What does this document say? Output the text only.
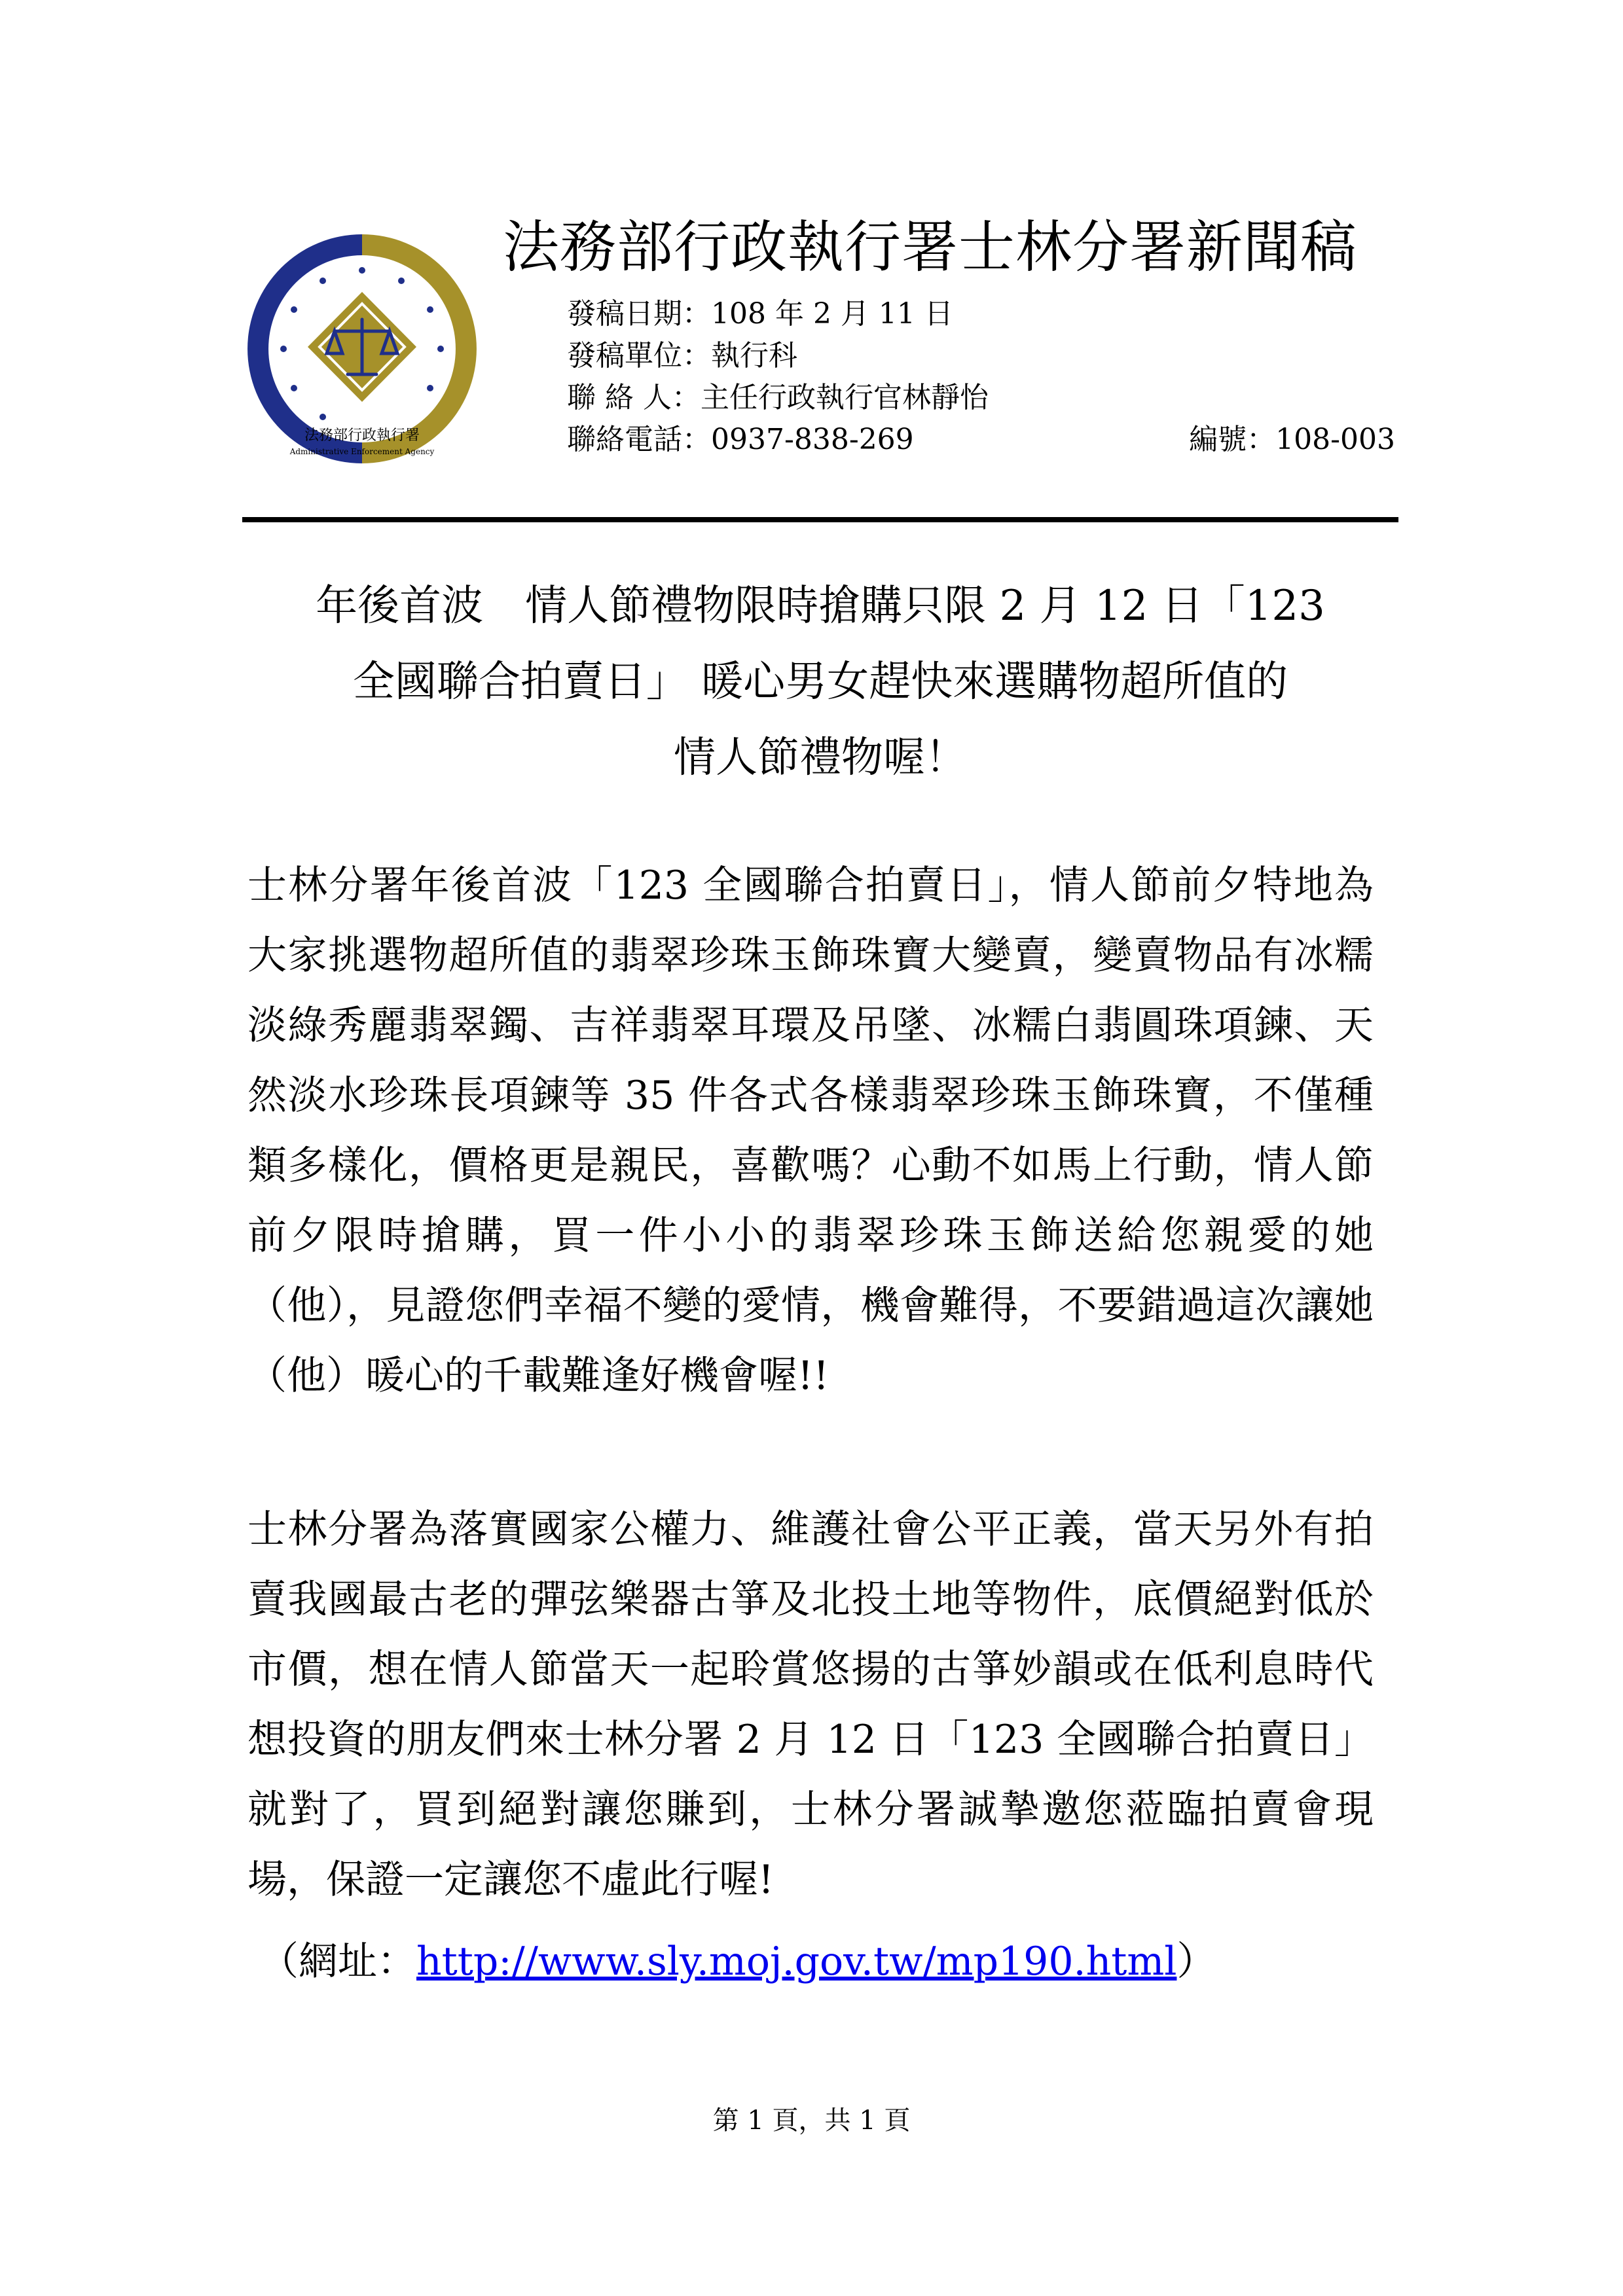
法務部行政執行署
Administrative Enforcement Agency
法務部行政執行署士林分署新聞稿
發稿日期：108 年 2 月 11 日
發稿單位：執行科
聯 絡 人：主任行政執行官林靜怡
聯絡電話：0937-838-269	編號：108-003
年後首波　情人節禮物限時搶購只限 2 月 12 日「123
全國聯合拍賣日」 暖心男女趕快來選購物超所值的
情人節禮物喔！
士林分署年後首波「123 全國聯合拍賣日」，情人節前夕特地為大家挑選物超所值的翡翠珍珠玉飾珠寶大變賣，變賣物品有冰糯淡綠秀麗翡翠鐲、吉祥翡翠耳環及吊墜、冰糯白翡圓珠項鍊、天然淡水珍珠長項鍊等 35 件各式各樣翡翠珍珠玉飾珠寶，不僅種類多樣化，價格更是親民，喜歡嗎？心動不如馬上行動，情人節前夕限時搶購，買一件小小的翡翠珍珠玉飾送給您親愛的她（他），見證您們幸福不變的愛情，機會難得，不要錯過這次讓她（他）暖心的千載難逢好機會喔!!
士林分署為落實國家公權力、維護社會公平正義，當天另外有拍賣我國最古老的彈弦樂器古箏及北投土地等物件，底價絕對低於市價，想在情人節當天一起聆賞悠揚的古箏妙韻或在低利息時代想投資的朋友們來士林分署 2 月 12 日「123 全國聯合拍賣日」就對了，買到絕對讓您賺到，士林分署誠摯邀您蒞臨拍賣會現場，保證一定讓您不虛此行喔!
（網址：http://www.sly.moj.gov.tw/mp190.html）
第 1 頁，共 1 頁
